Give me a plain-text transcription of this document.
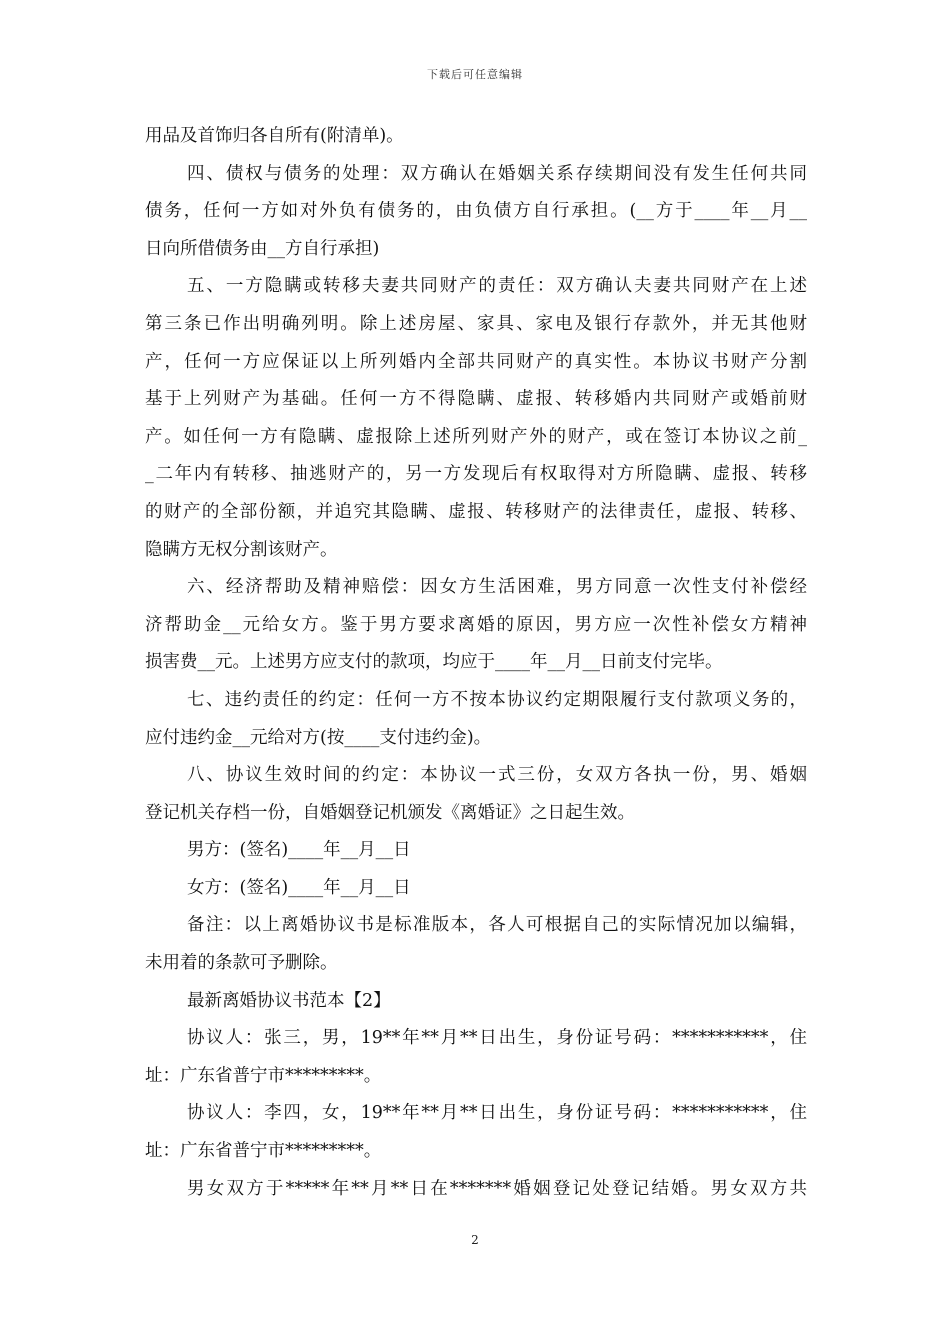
下载后可任意编辑
用品及首饰归各自所有(附清单)。
四、债权与债务的处理：双方确认在婚姻关系存续期间没有发生任何共同
债务，任何一方如对外负有债务的，由负债方自行承担。(__方于____年__月__
日向所借债务由__方自行承担)
五、一方隐瞒或转移夫妻共同财产的责任：双方确认夫妻共同财产在上述
第三条已作出明确列明。除上述房屋、家具、家电及银行存款外，并无其他财
产，任何一方应保证以上所列婚内全部共同财产的真实性。本协议书财产分割
基于上列财产为基础。任何一方不得隐瞒、虚报、转移婚内共同财产或婚前财
产。如任何一方有隐瞒、虚报除上述所列财产外的财产，或在签订本协议之前_
_二年内有转移、抽逃财产的，另一方发现后有权取得对方所隐瞒、虚报、转移
的财产的全部份额，并追究其隐瞒、虚报、转移财产的法律责任，虚报、转移、
隐瞒方无权分割该财产。
六、经济帮助及精神赔偿：因女方生活困难，男方同意一次性支付补偿经
济帮助金__元给女方。鉴于男方要求离婚的原因，男方应一次性补偿女方精神
损害费__元。上述男方应支付的款项，均应于____年__月__日前支付完毕。
七、违约责任的约定：任何一方不按本协议约定期限履行支付款项义务的，
应付违约金__元给对方(按____支付违约金)。
八、协议生效时间的约定：本协议一式三份，女双方各执一份，男、婚姻
登记机关存档一份，自婚姻登记机颁发《离婚证》之日起生效。
男方：(签名)____年__月__日
女方：(签名)____年__月__日
备注：以上离婚协议书是标准版本，各人可根据自己的实际情况加以编辑，
未用着的条款可予删除。
最新离婚协议书范本【2】
协议人：张三，男，19**年**月**日出生，身份证号码：***********，住
址：广东省普宁市*********。
协议人：李四，女，19**年**月**日出生，身份证号码：***********，住
址：广东省普宁市*********。
男女双方于*****年**月**日在*******婚姻登记处登记结婚。男女双方共
2
